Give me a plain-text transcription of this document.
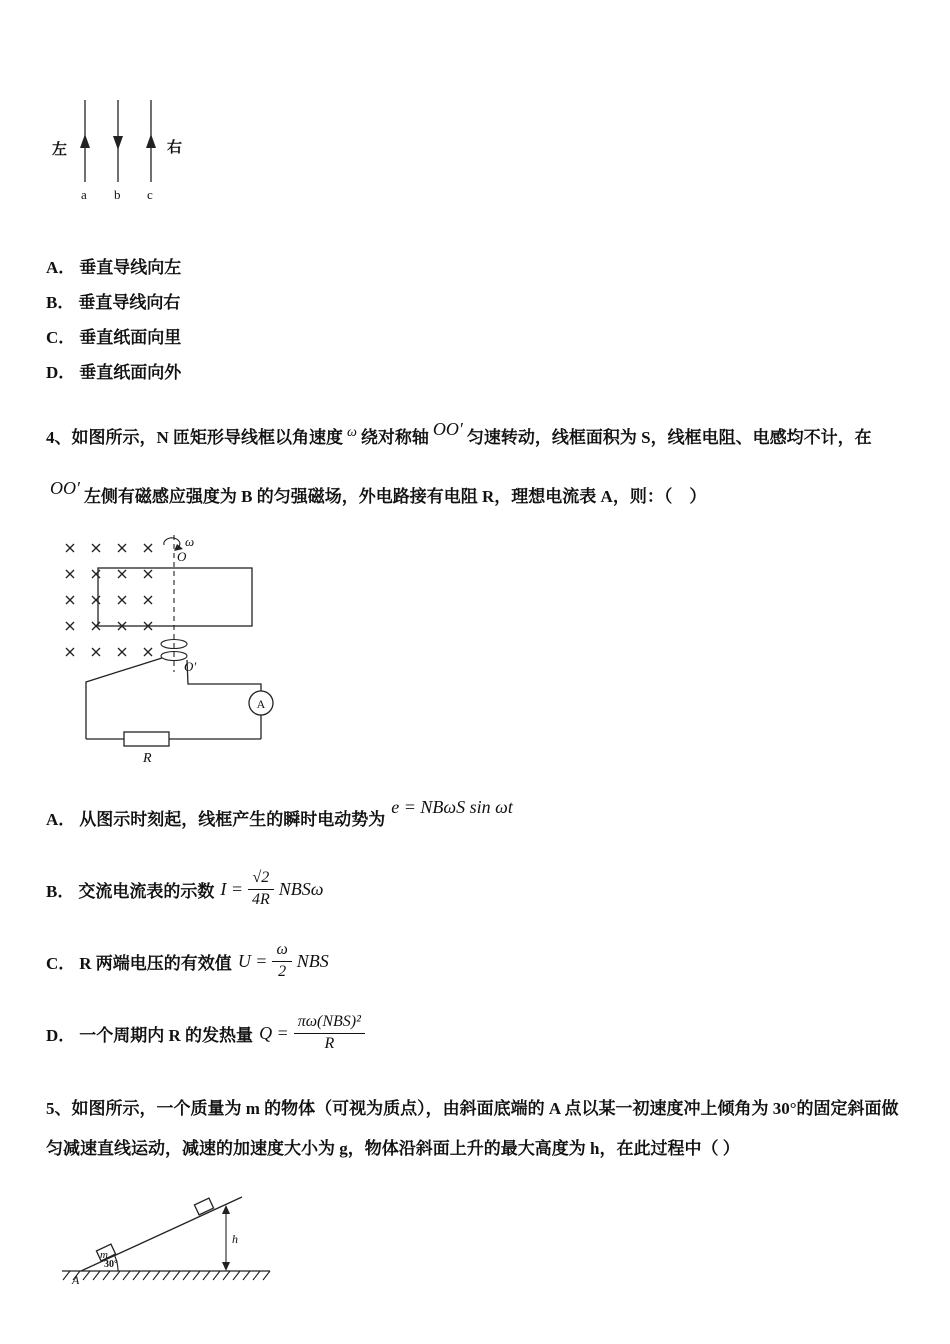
左	右
a b c
A． 垂直导线向左
B． 垂直导线向右
C． 垂直纸面向里
D． 垂直纸面向外

4、如图所示，N 匝矩形导线框以角速度 $^\omega$ 绕对称轴 OO′ 匀速转动，线框面积为 S，线框电阻、电感均不计，在OO′ 左侧有磁感应强度为 B 的匀强磁场，外电路接有电阻 R，理想电流表 A，则：（　）

ω
O
O′
R
A
A． 从图示时刻起，线框产生的瞬时电动势为
e = NBωS sin ωt
B． 交流电流表的示数 $I = \frac{√2}{4R}$ NBSω
C． R 两端电压的有效值 $U = \frac{\omega}{2}$ NBS
D． 一个周期内 R 的发热量 $Q = \frac{\text{πω(NBS)²}}{R}$

5、如图所示，一个质量为 m 的物体（可视为质点），由斜面底端的 A 点以某一初速度冲上倾角为 30°的固定斜面做匀减速直线运动，减速的加速度大小为 g，物体沿斜面上升的最大高度为 h，在此过程中（ ）

h
m
30°
A
